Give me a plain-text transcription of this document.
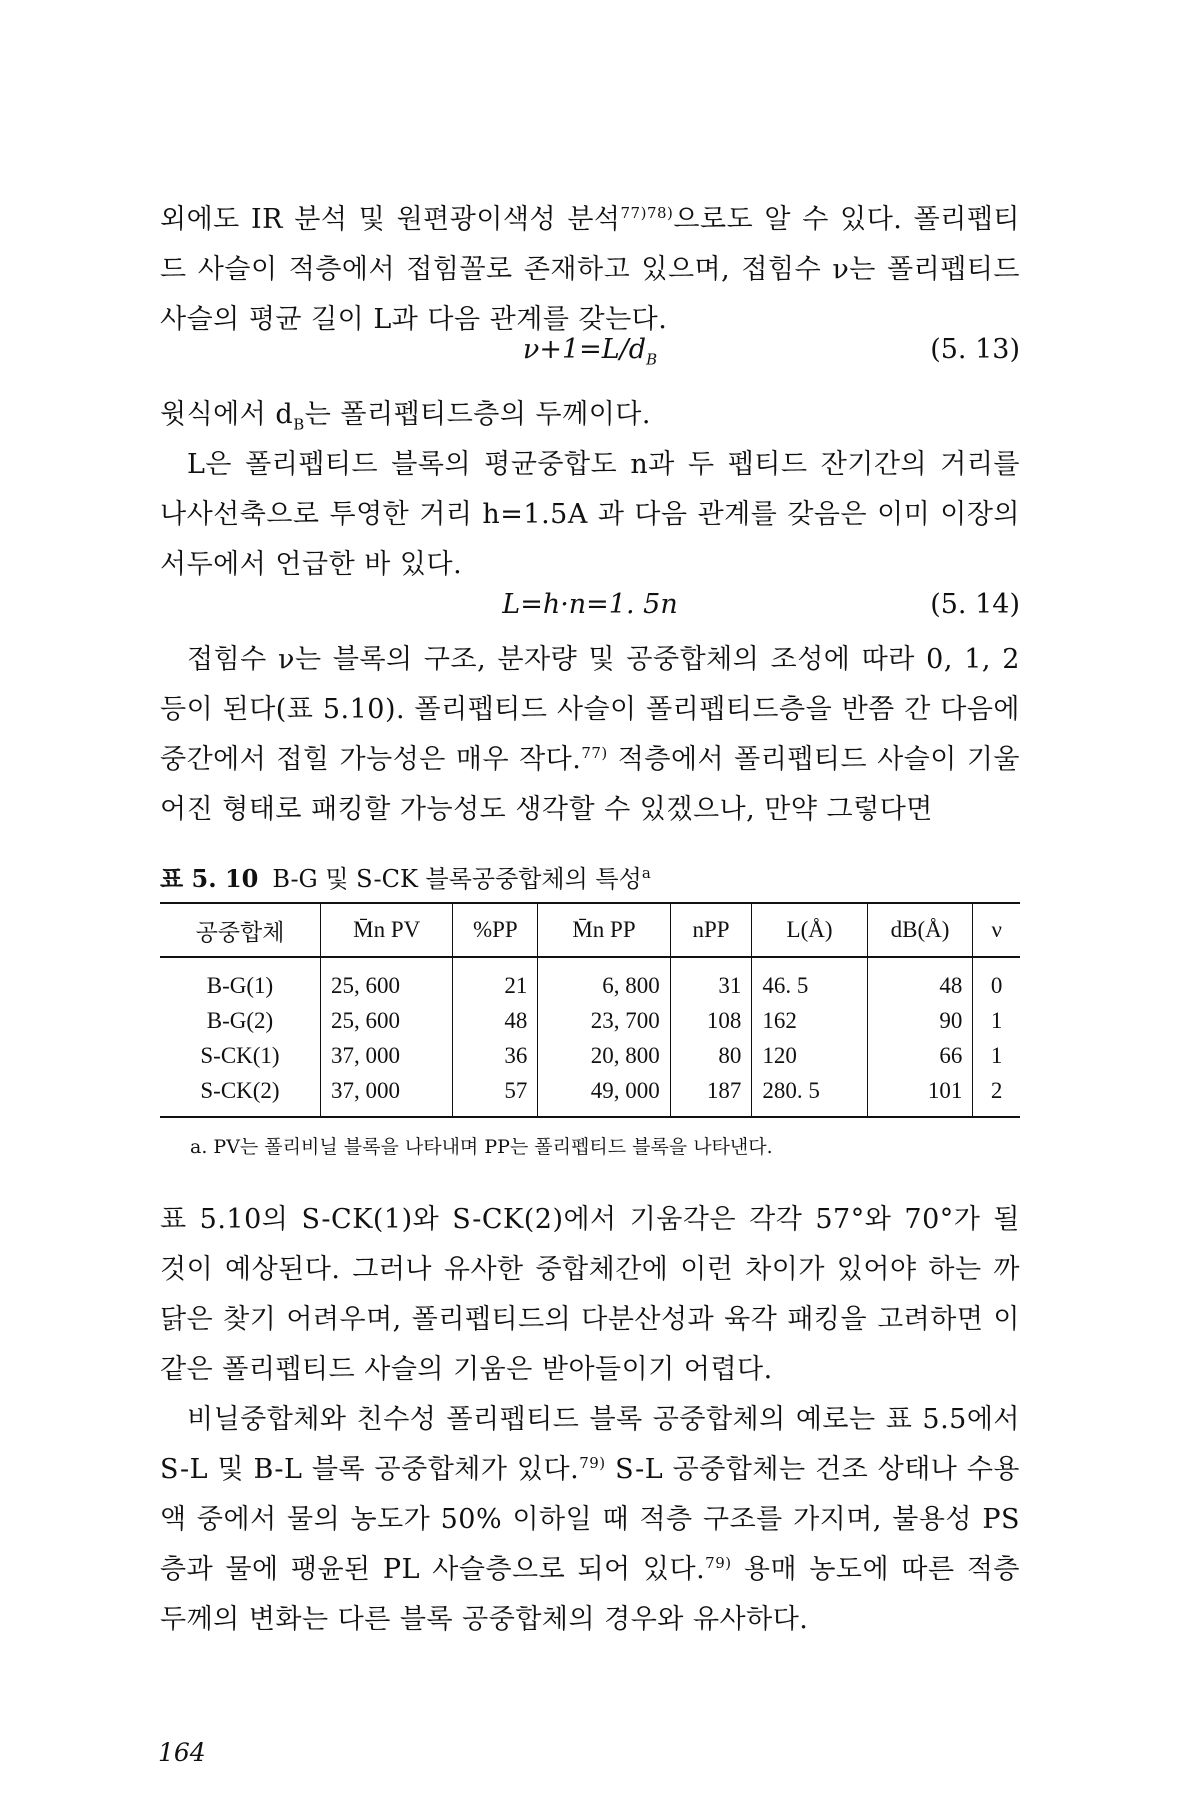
외에도 IR 분석 및 원편광이색성 분석$^{77)78)}$으로도 알 수 있다. 폴리펩티드 사슬이 적층에서 접힘꼴로 존재하고 있으며, 접힘수 ν는 폴리펩티드 사슬의 평균 길이 L과 다음 관계를 갖는다.

$\nu+1=L/d_B$	(5. 13)

윗식에서 $d_B$는 폴리펩티드층의 두께이다.

L은 폴리펩티드 블록의 평균중합도 n과 두 펩티드 잔기간의 거리를 나사선축으로 투영한 거리 h=1.5A 과 다음 관계를 갖음은 이미 이장의 서두에서 언급한 바 있다.

L=h·n=1. 5n	(5. 14)

접힘수 ν는 블록의 구조, 분자량 및 공중합체의 조성에 따라 0, 1, 2 등이 된다(표 5.10). 폴리펩티드 사슬이 폴리펩티드층을 반쯤 간 다음에 중간에서 접힐 가능성은 매우 작다.$^{77)}$ 적층에서 폴리펩티드 사슬이 기울어진 형태로 패킹할 가능성도 생각할 수 있겠으나, 만약 그렇다면

표 5. 10 B-G 및 S-CK 블록공중합체의 특성$^a$
공중합체	M̄n PV	%PP	M̄n PP	nPP	L(Å)	dB(Å)	ν
B-G(1)	25, 600	21	6, 800	31	46. 5	48	0
B-G(2)	25, 600	48	23, 700	108	162	90	1
S-CK(1)	37, 000	36	20, 800	80	120	66	1
S-CK(2)	37, 000	57	49, 000	187	280. 5	101	2
a. PV는 폴리비닐 블록을 나타내며 PP는 폴리펩티드 블록을 나타낸다.

표 5.10의 S-CK(1)와 S-CK(2)에서 기움각은 각각 57°와 70°가 될 것이 예상된다. 그러나 유사한 중합체간에 이런 차이가 있어야 하는 까닭은 찾기 어려우며, 폴리펩티드의 다분산성과 육각 패킹을 고려하면 이 같은 폴리펩티드 사슬의 기움은 받아들이기 어렵다.

비닐중합체와 친수성 폴리펩티드 블록 공중합체의 예로는 표 5.5에서 S-L 및 B-L 블록 공중합체가 있다.$^{79)}$ S-L 공중합체는 건조 상태나 수용액 중에서 물의 농도가 50% 이하일 때 적층 구조를 가지며, 불용성 PS층과 물에 팽윤된 PL 사슬층으로 되어 있다.$^{79)}$ 용매 농도에 따른 적층 두께의 변화는 다른 블록 공중합체의 경우와 유사하다.

164
